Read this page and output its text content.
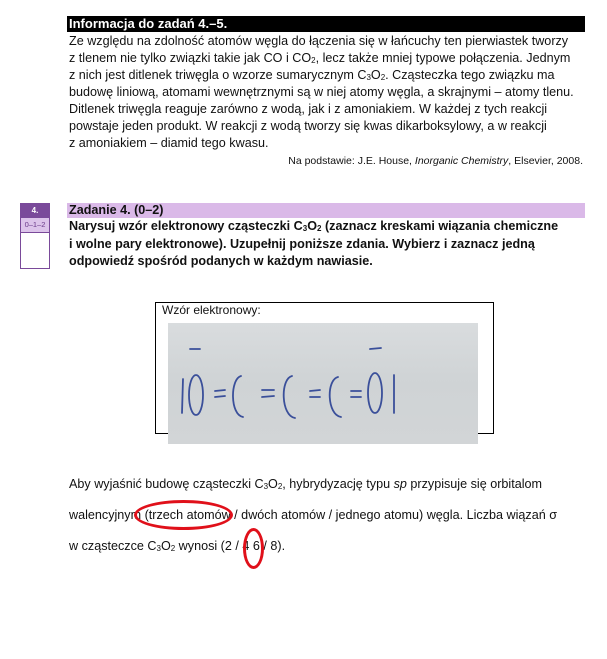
Informacja do zadań 4.–5.

Ze względu na zdolność atomów węgla do łączenia się w łańcuchy ten pierwiastek tworzy

z tlenem nie tylko związki takie jak CO i $CO_2$, lecz także mniej typowe połączenia. Jednym

z nich jest ditlenek triwęgla o wzorze sumarycznym $C_3O_2$. Cząsteczka tego związku ma

budowę liniową, atomami wewnętrznymi są w niej atomy węgla, a skrajnymi – atomy tlenu.

Ditlenek triwęgla reaguje zarówno z wodą, jak i z amoniakiem. W każdej z tych reakcji

powstaje jeden produkt. W reakcji z wodą tworzy się kwas dikarboksylowy, a w reakcji

z amoniakiem – diamid tego kwasu.

Na podstawie: J.E. House, Inorganic Chemistry, Elsevier, 2008.
4.
0–1–2
Zadanie 4. (0–2)

Narysuj wzór elektronowy cząsteczki $C_3O_2$ (zaznacz kreskami wiązania chemiczne

i wolne pary elektronowe). Uzupełnij poniższe zdania. Wybierz i zaznacz jedną

odpowiedź spośród podanych w każdym nawiasie.

Wzór elektronowy:
Aby wyjaśnić budowę cząsteczki $C_3O_2$, hybrydyzację typu sp przypisuje się orbitalom
walencyjnym (trzech atomów / dwóch atomów / jednego atomu) węgla. Liczba wiązań σ
w cząsteczce $C_3O_2$ wynosi (2 / 4 6 / 8).
